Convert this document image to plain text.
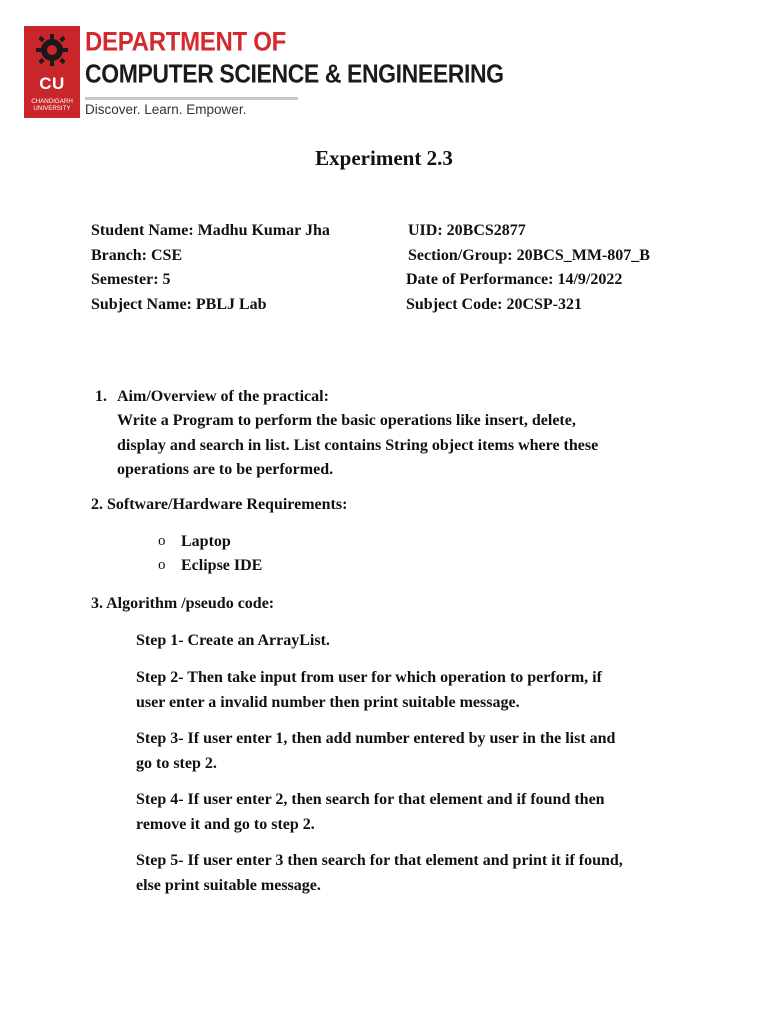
CU
CHANDIGARH
UNIVERSITY
DEPARTMENT OF
COMPUTER SCIENCE & ENGINEERING
Discover. Learn. Empower.
Experiment 2.3
Student Name: Madhu Kumar Jha
Branch: CSE
Semester: 5
Subject Name: PBLJ Lab
UID: 20BCS2877
Section/Group: 20BCS_MM-807_B
Date of Performance: 14/9/2022
Subject Code: 20CSP-321
1. Aim/Overview of the practical:
Write a Program to perform the basic operations like insert, delete,
display and search in list. List contains String object items where these
operations are to be performed.
2. Software/Hardware Requirements:
o Laptop
o Eclipse IDE
3. Algorithm /pseudo code:
Step 1- Create an ArrayList.
Step 2- Then take input from user for which operation to perform, if
user enter a invalid number then print suitable message.
Step 3- If user enter 1, then add number entered by user in the list and
go to step 2.
Step 4- If user enter 2, then search for that element and if found then
remove it and go to step 2.
Step 5- If user enter 3 then search for that element and print it if found,
else print suitable message.
